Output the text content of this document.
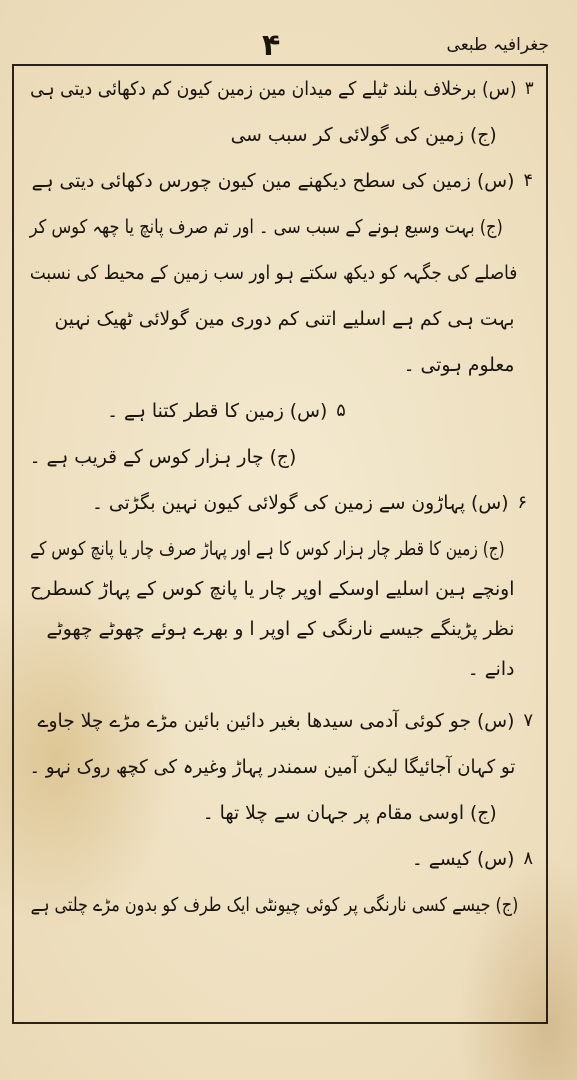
جغرافیہ طبعی
۴
۳
(س)
برخلاف بلند ٹیلے کے میدان مین زمین کیون کم دکھائی دیتی ہی
(ج)
زمین کی گولائی کر سبب سی
۴
(س)
زمین کی سطح دیکھنے مین کیون چورس دکھائی دیتی ہے
(ج)
بہت وسیع ہونے کے سبب سی ۔ اور تم صرف پانچ یا چھہ کوس کر
فاصلے کی جگہہ کو دیکھ سکتے ہو اور سب زمین کے محیط کی نسبت
بہت ہی کم ہے اسلیے اتنی کم دوری مین گولائی ٹھیک نہین
معلوم ہوتی ۔
۵
(س)
زمین کا قطر کتنا ہے ۔
(ج)
چار ہزار کوس کے قریب ہے ۔
۶
(س)
پہاڑون سے زمین کی گولائی کیون نہین بگڑتی ۔
(ج)
زمین کا قطر چار ہزار کوس کا ہے اور پہاڑ صرف چار یا پانچ کوس کے
اونچے ہین اسلیے اوسکے اوپر چار یا پانچ کوس کے پہاڑ کسطرح
نظر پڑینگے جیسے نارنگی کے اوپر ا و بھرے ہوئے چھوٹے چھوٹے
دانے ۔
۷
(س)
جو کوئی آدمی سیدھا بغیر دائین بائین مڑے مڑے چلا جاوے
تو کہان آجائیگا لیکن آمین سمندر پہاڑ وغیرہ کی کچھ روک نہو ۔
(ج)
اوسی مقام پر جہان سے چلا تھا ۔
۸
(س)
کیسے ۔
(ج)
جیسے کسی نارنگی پر کوئی چیونٹی ایک طرف کو بدون مڑے چلتی ہے
